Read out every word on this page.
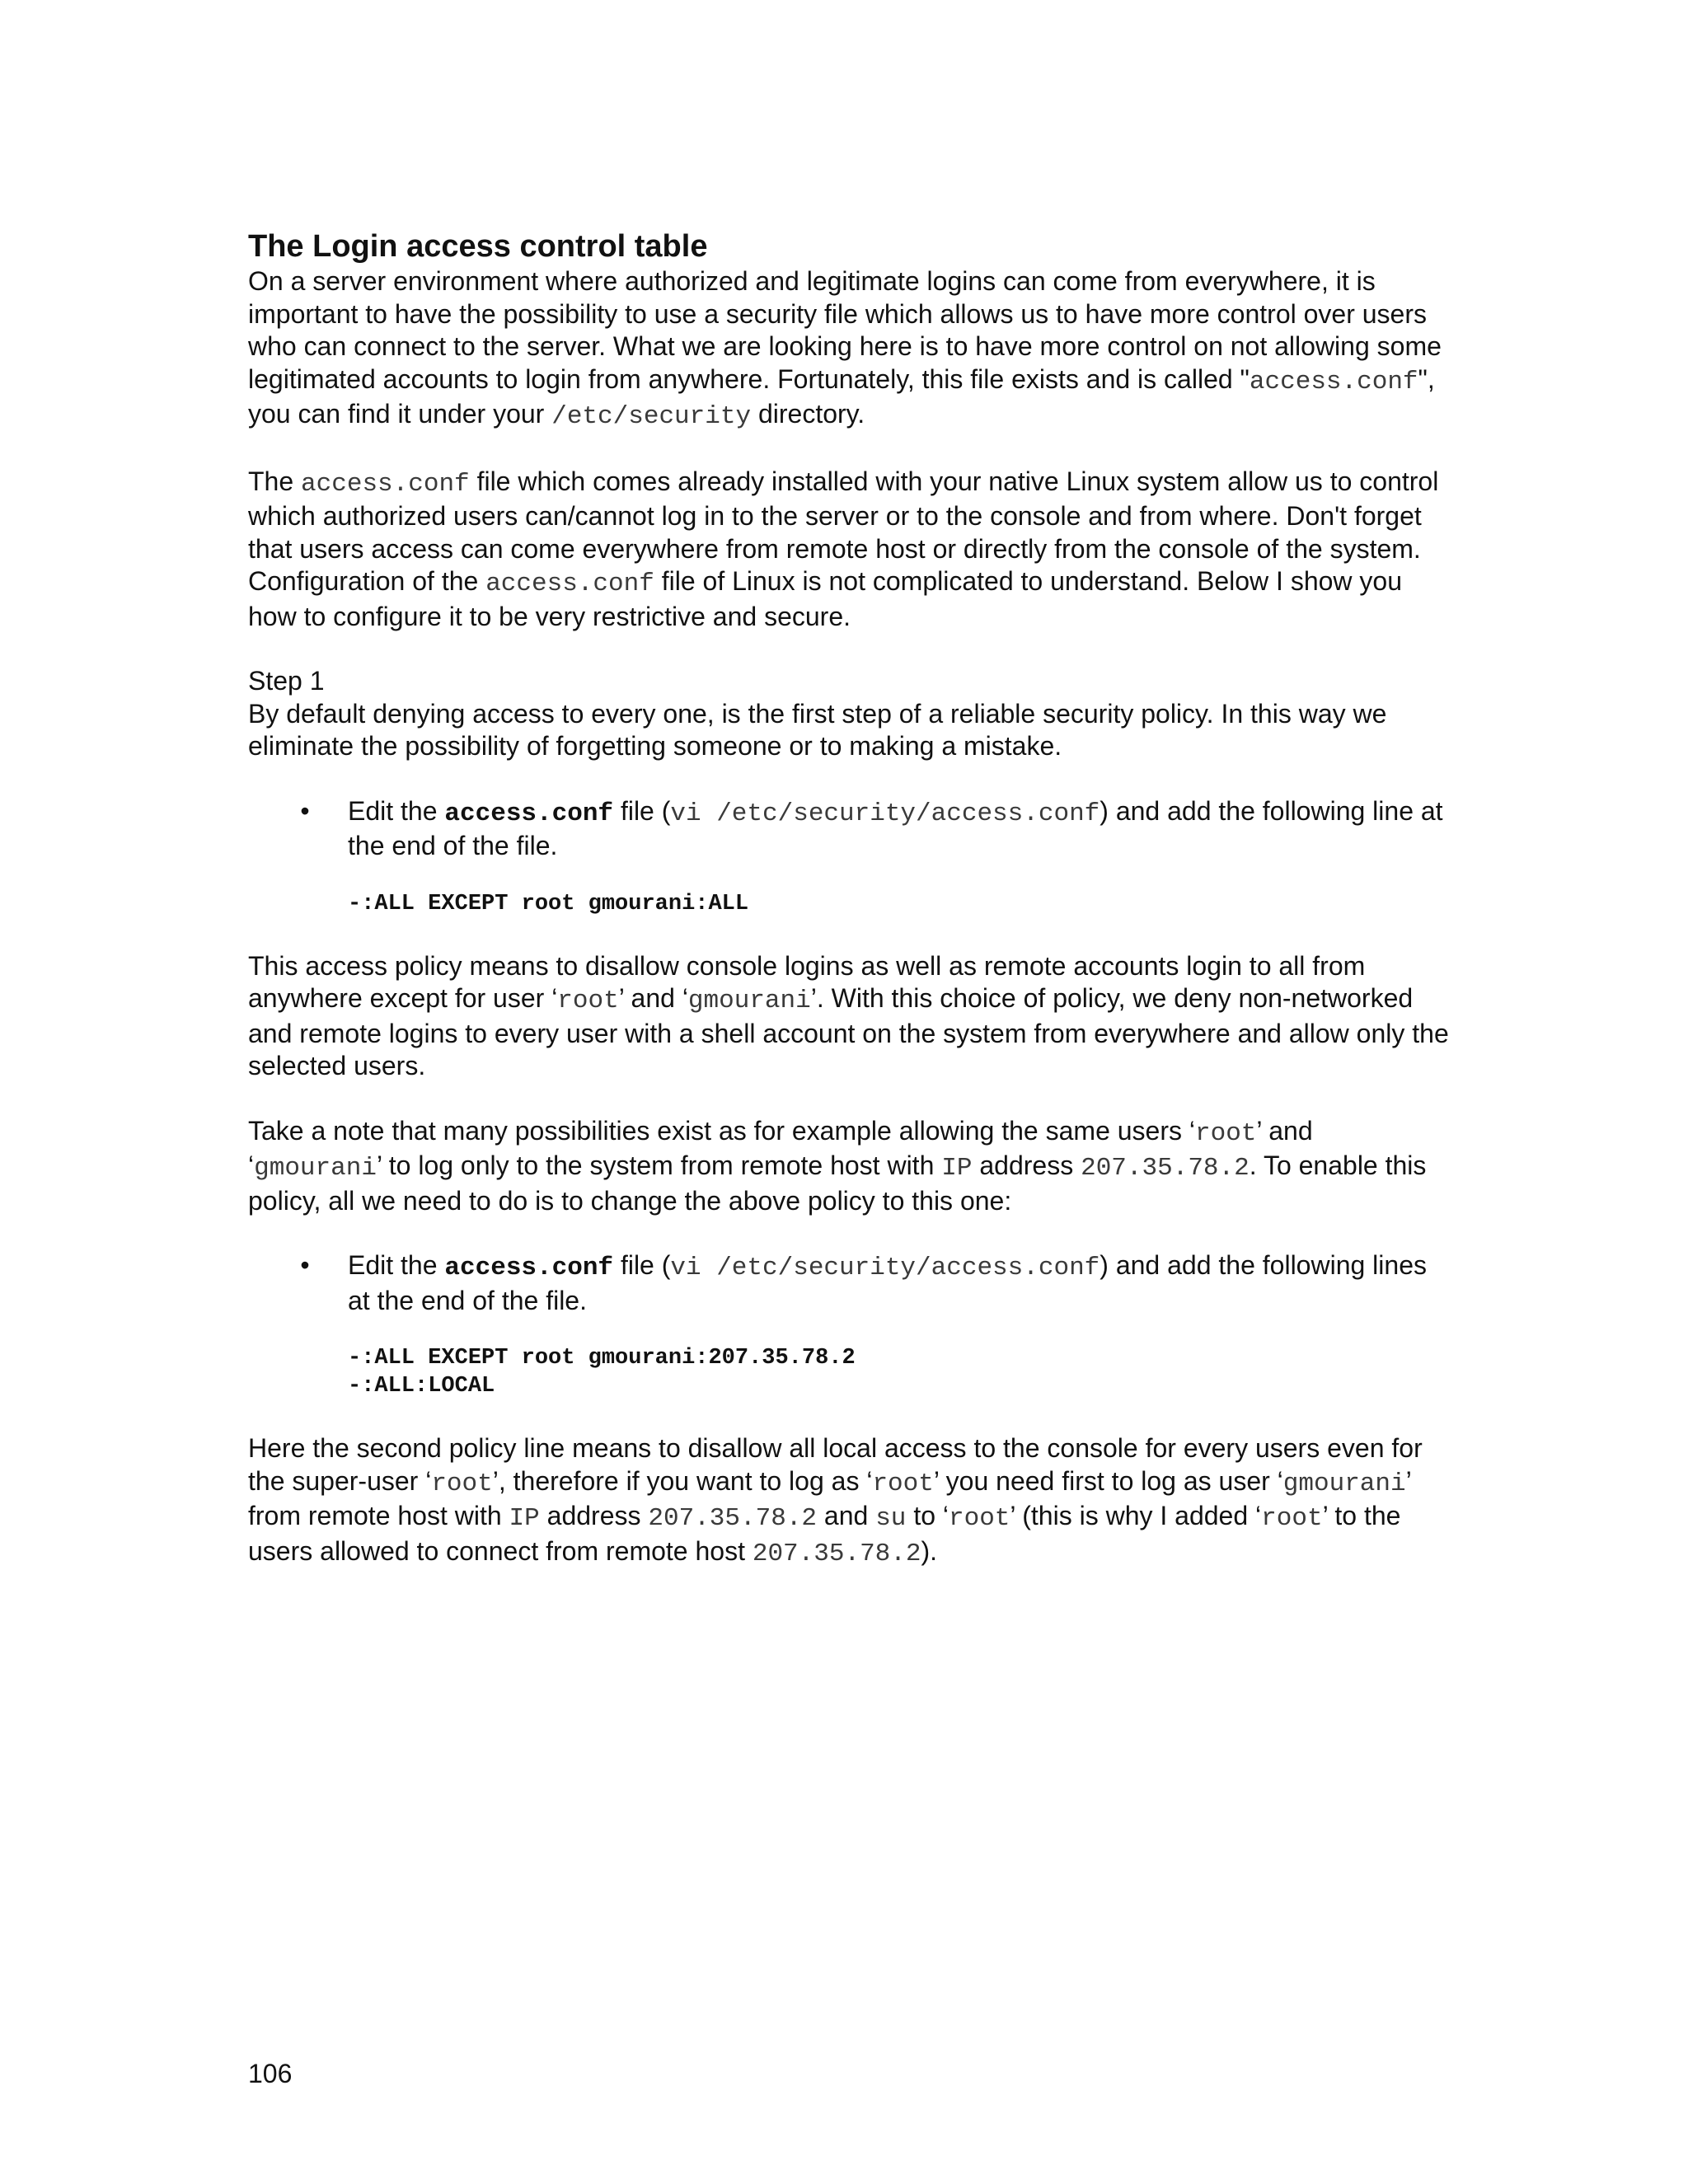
The Login access control table

On a server environment where authorized and legitimate logins can come from everywhere, it is important to have the possibility to use a security file which allows us to have more control over users who can connect to the server. What we are looking here is to have more control on not allowing some legitimated accounts to login from anywhere. Fortunately, this file exists and is called "access.conf", you can find it under your /etc/security directory.

The access.conf file which comes already installed with your native Linux system allow us to control which authorized users can/cannot log in to the server or to the console and from where. Don't forget that users access can come everywhere from remote host or directly from the console of the system. Configuration of the access.conf file of Linux is not complicated to understand. Below I show you how to configure it to be very restrictive and secure.

Step 1

By default denying access to every one, is the first step of a reliable security policy. In this way we eliminate the possibility of forgetting someone or to making a mistake.

• Edit the access.conf file (vi /etc/security/access.conf) and add the following line at the end of the file.
-:ALL EXCEPT root gmourani:ALL

This access policy means to disallow console logins as well as remote accounts login to all from anywhere except for user ‘root’ and ‘gmourani’. With this choice of policy, we deny non-networked and remote logins to every user with a shell account on the system from everywhere and allow only the selected users.

Take a note that many possibilities exist as for example allowing the same users ‘root’ and ‘gmourani’ to log only to the system from remote host with IP address 207.35.78.2. To enable this policy, all we need to do is to change the above policy to this one:

• Edit the access.conf file (vi /etc/security/access.conf) and add the following lines at the end of the file.
-:ALL EXCEPT root gmourani:207.35.78.2
-:ALL:LOCAL

Here the second policy line means to disallow all local access to the console for every users even for the super-user ‘root’, therefore if you want to log as ‘root’ you need first to log as user ‘gmourani’ from remote host with IP address 207.35.78.2 and su to ‘root’ (this is why I added ‘root’ to the users allowed to connect from remote host 207.35.78.2).

106
